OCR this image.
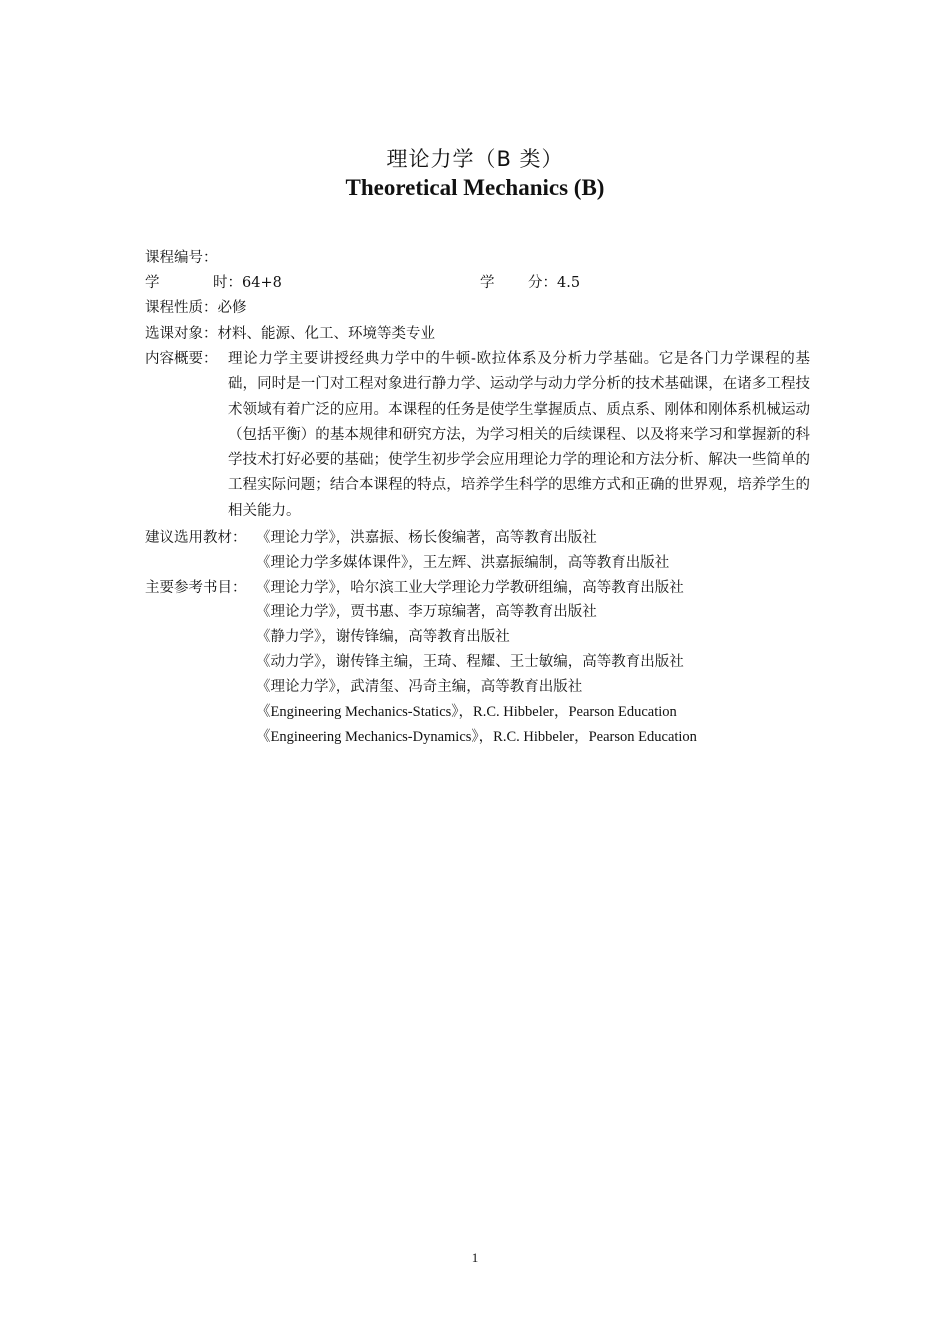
理论力学（B 类）
Theoretical Mechanics (B)
课程编号：
学	时：64+8	学 分：4.5
课程性质：必修
选课对象：材料、能源、化工、环境等类专业
内容概要： 理论力学主要讲授经典力学中的牛顿-欧拉体系及分析力学基础。它是各门力学课程的基础，同时是一门对工程对象进行静力学、运动学与动力学分析的技术基础课，在诸多工程技术领域有着广泛的应用。本课程的任务是使学生掌握质点、质点系、刚体和刚体系机械运动（包括平衡）的基本规律和研究方法，为学习相关的后续课程、以及将来学习和掌握新的科学技术打好必要的基础；使学生初步学会应用理论力学的理论和方法分析、解决一些简单的工程实际问题；结合本课程的特点，培养学生科学的思维方式和正确的世界观，培养学生的相关能力。
建议选用教材： 《理论力学》，洪嘉振、杨长俊编著，高等教育出版社
《理论力学多媒体课件》，王左辉、洪嘉振编制，高等教育出版社
主要参考书目： 《理论力学》，哈尔滨工业大学理论力学教研组编，高等教育出版社
《理论力学》，贾书惠、李万琼编著，高等教育出版社
《静力学》，谢传锋编，高等教育出版社
《动力学》，谢传锋主编，王琦、程耀、王士敏编，高等教育出版社
《理论力学》，武清玺、冯奇主编，高等教育出版社
《Engineering Mechanics-Statics》，R.C. Hibbeler，Pearson Education
《Engineering Mechanics-Dynamics》，R.C. Hibbeler，Pearson Education
1
